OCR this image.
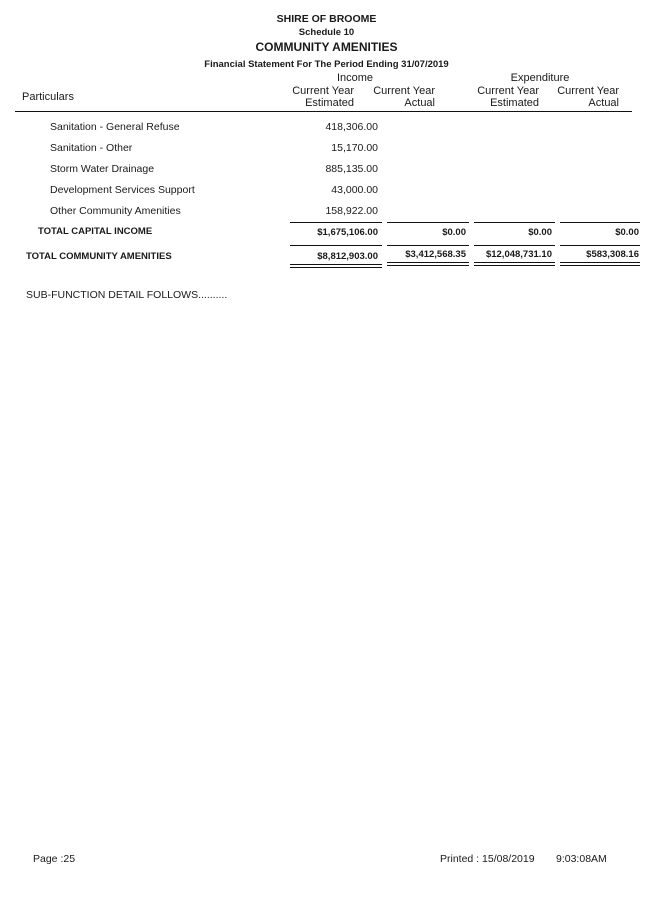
SHIRE OF BROOME
Schedule 10
COMMUNITY AMENITIES
Financial Statement For The Period Ending 31/07/2019
Particulars
Income	Expenditure
Current Year
Estimated
Current Year
Actual
Current Year
Estimated
Current Year
Actual
Sanitation - General Refuse	418,306.00
Sanitation - Other	15,170.00
Storm Water Drainage	885,135.00
Development Services Support	43,000.00
Other Community Amenities	158,922.00
TOTAL CAPITAL INCOME	$1,675,106.00	$0.00	$0.00	$0.00
TOTAL COMMUNITY AMENITIES	$8,812,903.00	$3,412,568.35 $12,048,731.10	$583,308.16
SUB-FUNCTION DETAIL FOLLOWS..........
Page :25	Printed : 15/08/2019 9:03:08AM
